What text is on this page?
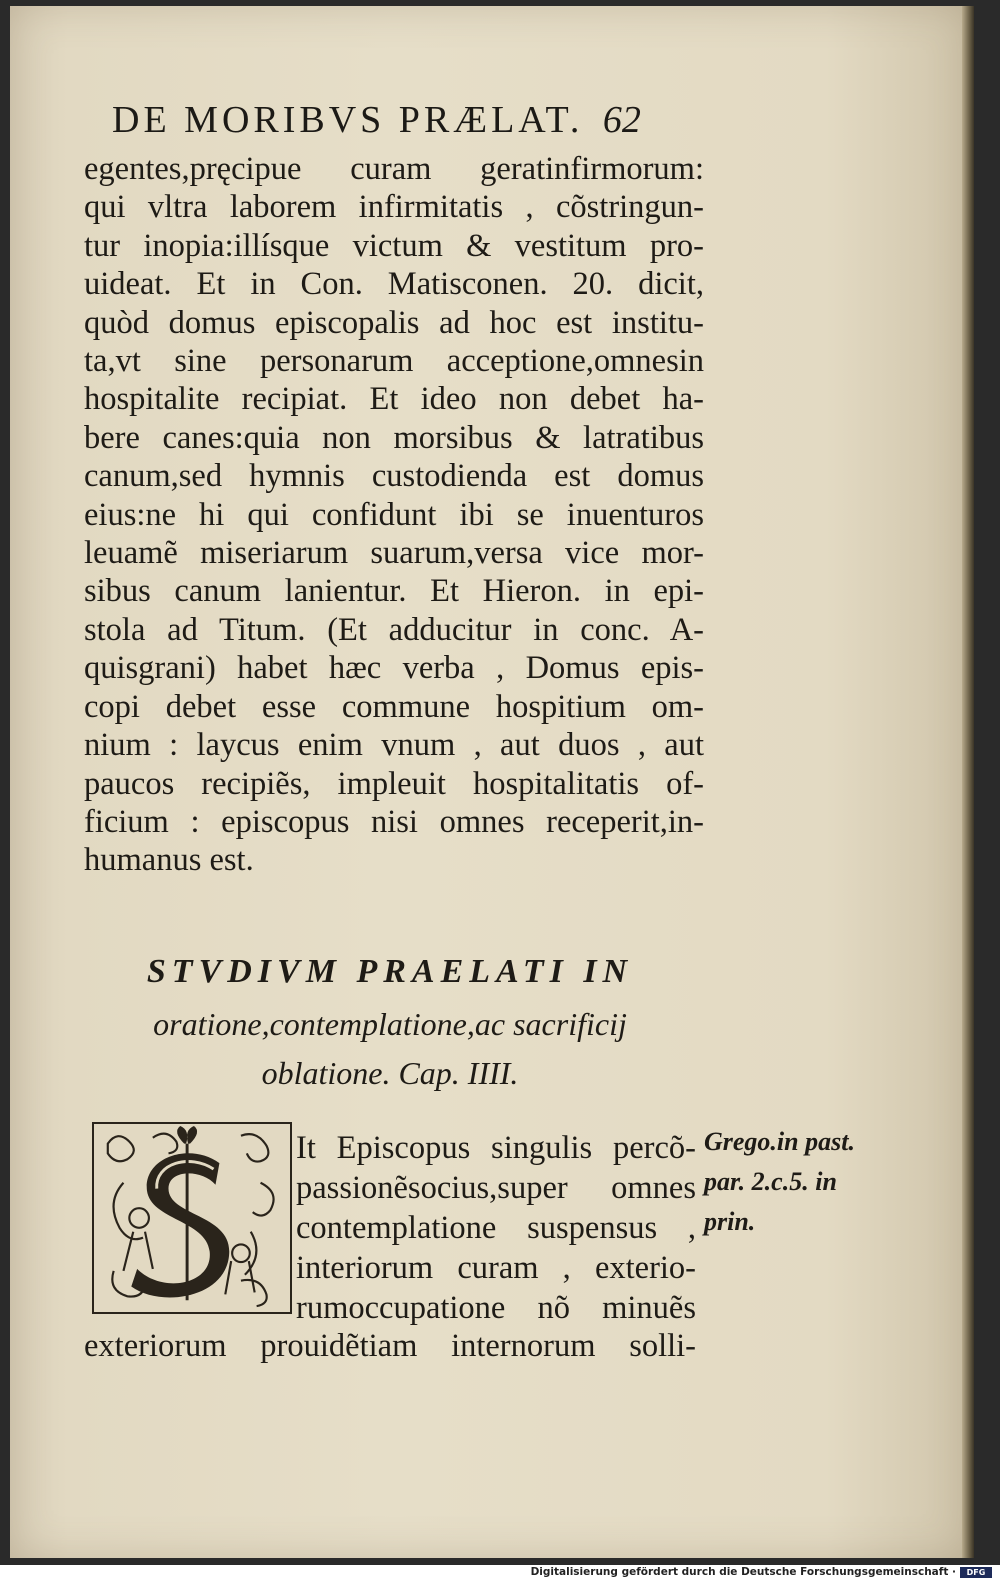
DE MORIBVS PRÆLAT. 62
egentes,pręcipue curam geratinfirmorum:
qui vltra laborem infirmitatis , cõstringun-
tur inopia:illísque victum & vestitum pro-
uideat. Et in Con. Matisconen. 20. dicit,
quòd domus episcopalis ad hoc est institu-
ta,vt sine personarum acceptione,omnesin
hospitalite recipiat. Et ideo non debet ha-
bere canes:quia non morsibus & latratibus
canum,sed hymnis custodienda est domus
eius:ne hi qui confidunt ibi se inuenturos
leuamẽ miseriarum suarum,versa vice mor-
sibus canum lanientur. Et Hieron. in epi-
stola ad Titum. (Et adducitur in conc. A-
quisgrani) habet hæc verba , Domus epis-
copi debet esse commune hospitium om-
nium : laycus enim vnum , aut duos , aut
paucos recipiẽs, impleuit hospitalitatis of-
ficium : episcopus nisi omnes receperit,in-
humanus est.
STVDIVM PRAELATI IN
oratione,contemplatione,ac sacrificij
oblatione. Cap. IIII.
It Episcopus singulis percõ-
passionẽsocius,super omnes
contemplatione suspensus ,
interiorum curam , exterio-
rumoccupatione nõ minuẽs
exteriorum prouidẽtiam internorum solli-
Grego.in past.
par. 2.c.5. in
prin.
Digitalisierung gefördert durch die Deutsche Forschungsgemeinschaft ·	DFG
